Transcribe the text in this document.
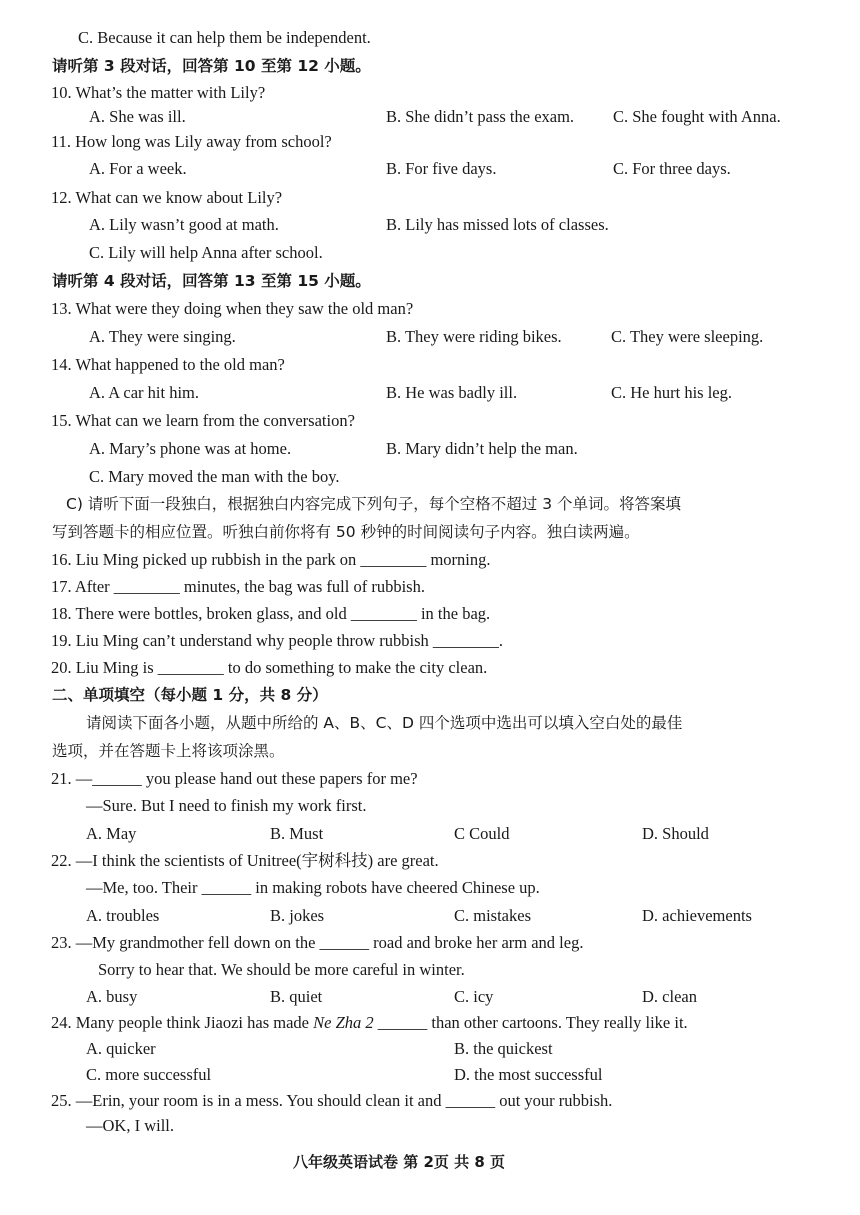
C. Because it can help them be independent.
请听第 3 段对话，回答第 10 至第 12 小题。
10. What’s the matter with Lily?
A. She was ill.	B. She didn’t pass the exam. C. She fought with Anna.
11. How long was Lily away from school?
A. For a week.	B. For five days.	C. For three days.
12. What can we know about Lily?
A. Lily wasn’t good at math.	B. Lily has missed lots of classes.
C. Lily will help Anna after school.
请听第 4 段对话，回答第 13 至第 15 小题。
13. What were they doing when they saw the old man?
A. They were singing.	B. They were riding bikes.	C. They were sleeping.
14. What happened to the old man?
A. A car hit him.	B. He was badly ill.	C. He hurt his leg.
15. What can we learn from the conversation?
A. Mary’s phone was at home.	B. Mary didn’t help the man.
C. Mary moved the man with the boy.
C) 请听下面一段独白，根据独白内容完成下列句子，每个空格不超过 3 个单词。将答案填
写到答题卡的相应位置。听独白前你将有 50 秒钟的时间阅读句子内容。独白读两遍。
16. Liu Ming picked up rubbish in the park on ________ morning.
17. After ________ minutes, the bag was full of rubbish.
18. There were bottles, broken glass, and old ________ in the bag.
19. Liu Ming can’t understand why people throw rubbish ________.
20. Liu Ming is ________ to do something to make the city clean.
二、单项填空（每小题 1 分，共 8 分）
请阅读下面各小题，从题中所给的 A、B、C、D 四个选项中选出可以填入空白处的最佳
选项，并在答题卡上将该项涂黑。
21. —______ you please hand out these papers for me?
—Sure. But I need to finish my work first.
A. May	B. Must	C Could	D. Should
22. —I think the scientists of Unitree(宇树科技) are great.
—Me, too. Their ______ in making robots have cheered Chinese up.
A. troubles	B. jokes	C. mistakes	D. achievements
23. —My grandmother fell down on the ______ road and broke her arm and leg.
Sorry to hear that. We should be more careful in winter.
A. busy	B. quiet	C. icy	D. clean
24. Many people think Jiaozi has made Ne Zha 2 ______ than other cartoons. They really like it.
A. quicker	B. the quickest
C. more successful	D. the most successful
25. —Erin, your room is in a mess. You should clean it and ______ out your rubbish.
—OK, I will.
八年级英语试卷 第 2页 共 8 页
